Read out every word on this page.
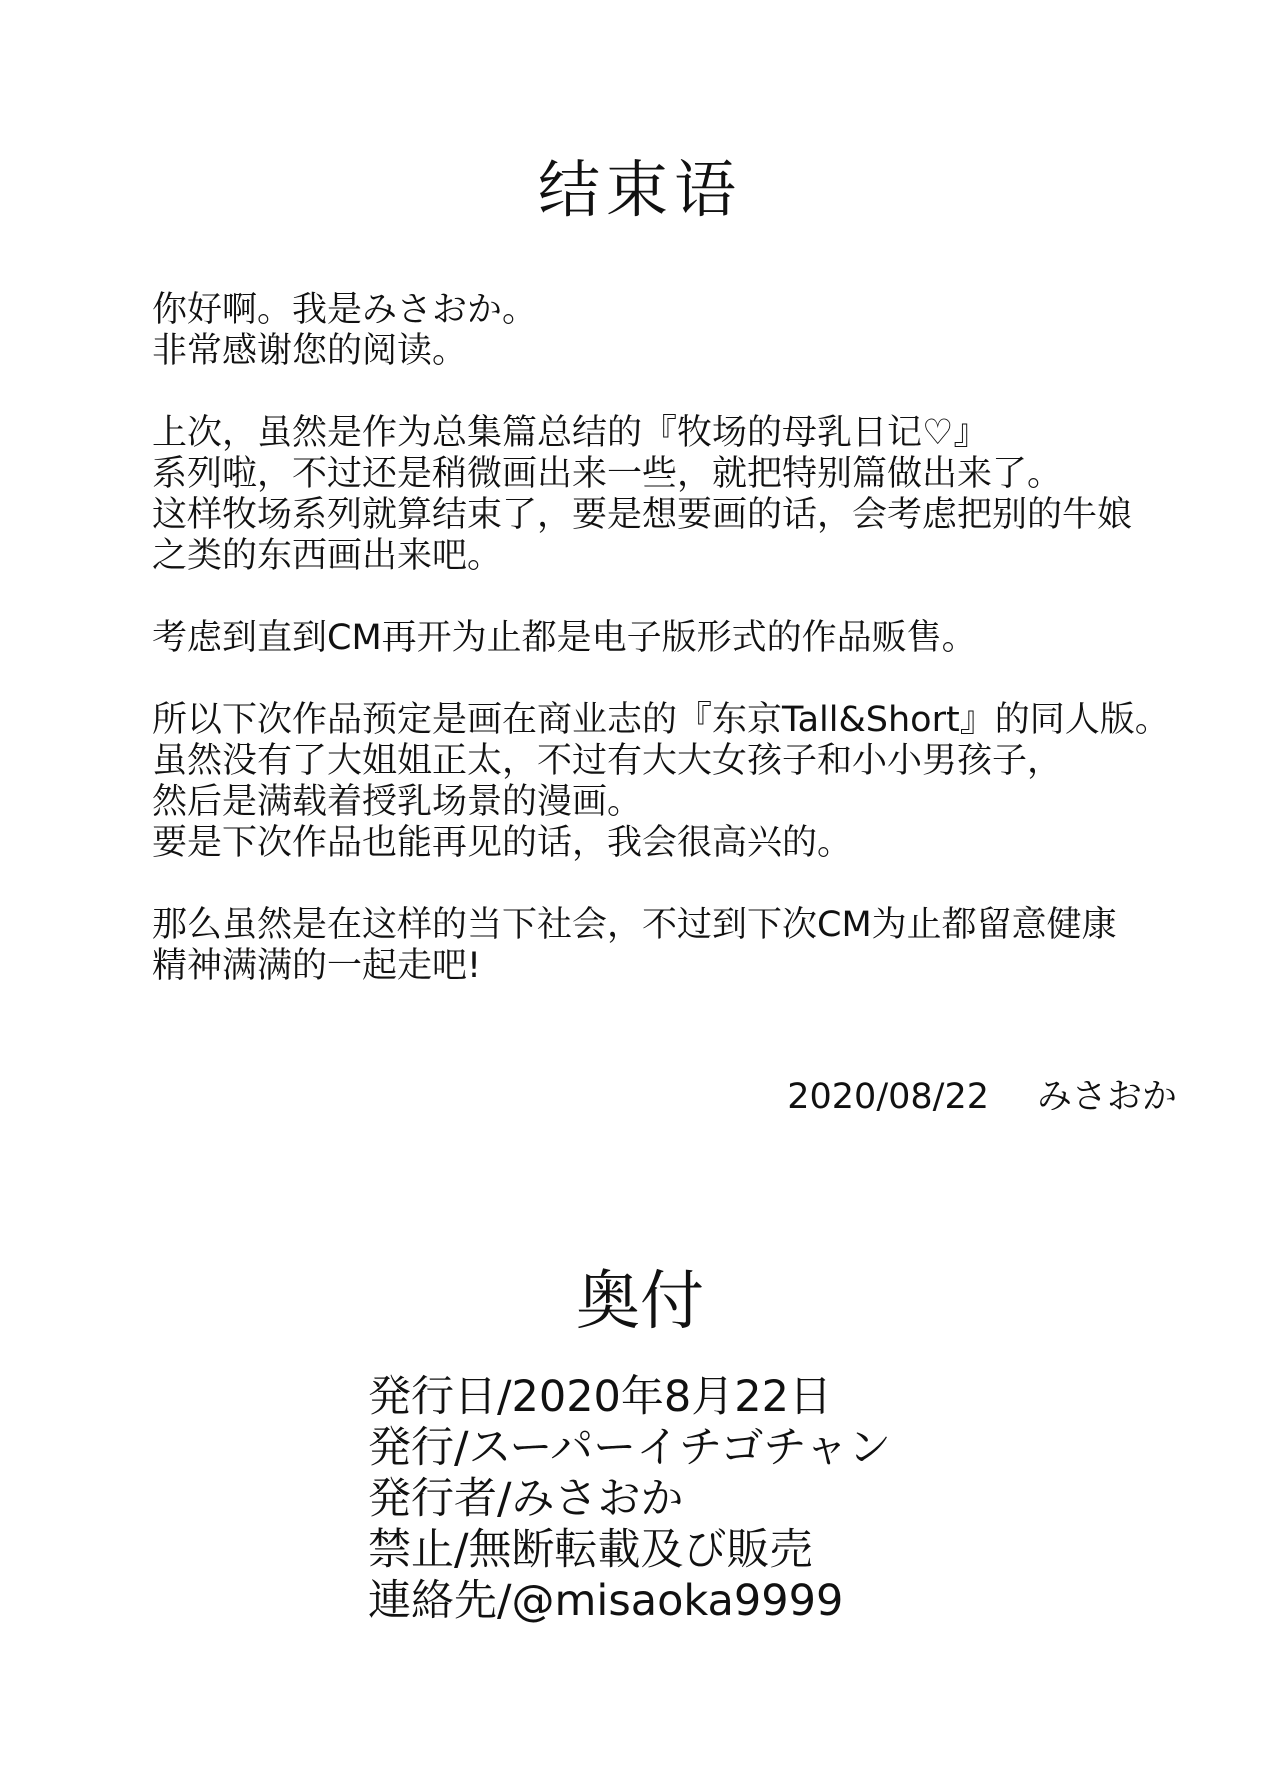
结束语

你好啊。我是みさおか。
非常感谢您的阅读。

上次，虽然是作为总集篇总结的『牧场的母乳日记♡』
系列啦，不过还是稍微画出来一些，就把特别篇做出来了。
这样牧场系列就算结束了，要是想要画的话，会考虑把别的牛娘
之类的东西画出来吧。

考虑到直到CM再开为止都是电子版形式的作品贩售。

所以下次作品预定是画在商业志的『东京Tall&Short』的同人版。
虽然没有了大姐姐正太，不过有大大女孩子和小小男孩子，
然后是满载着授乳场景的漫画。
要是下次作品也能再见的话，我会很高兴的。

那么虽然是在这样的当下社会，不过到下次CM为止都留意健康
精神满满的一起走吧!

2020/08/22 みさおか
奥付
発行日/2020年8月22日
発行/スーパーイチゴチャン
発行者/みさおか
禁止/無断転載及び販売
連絡先/@misaoka9999
